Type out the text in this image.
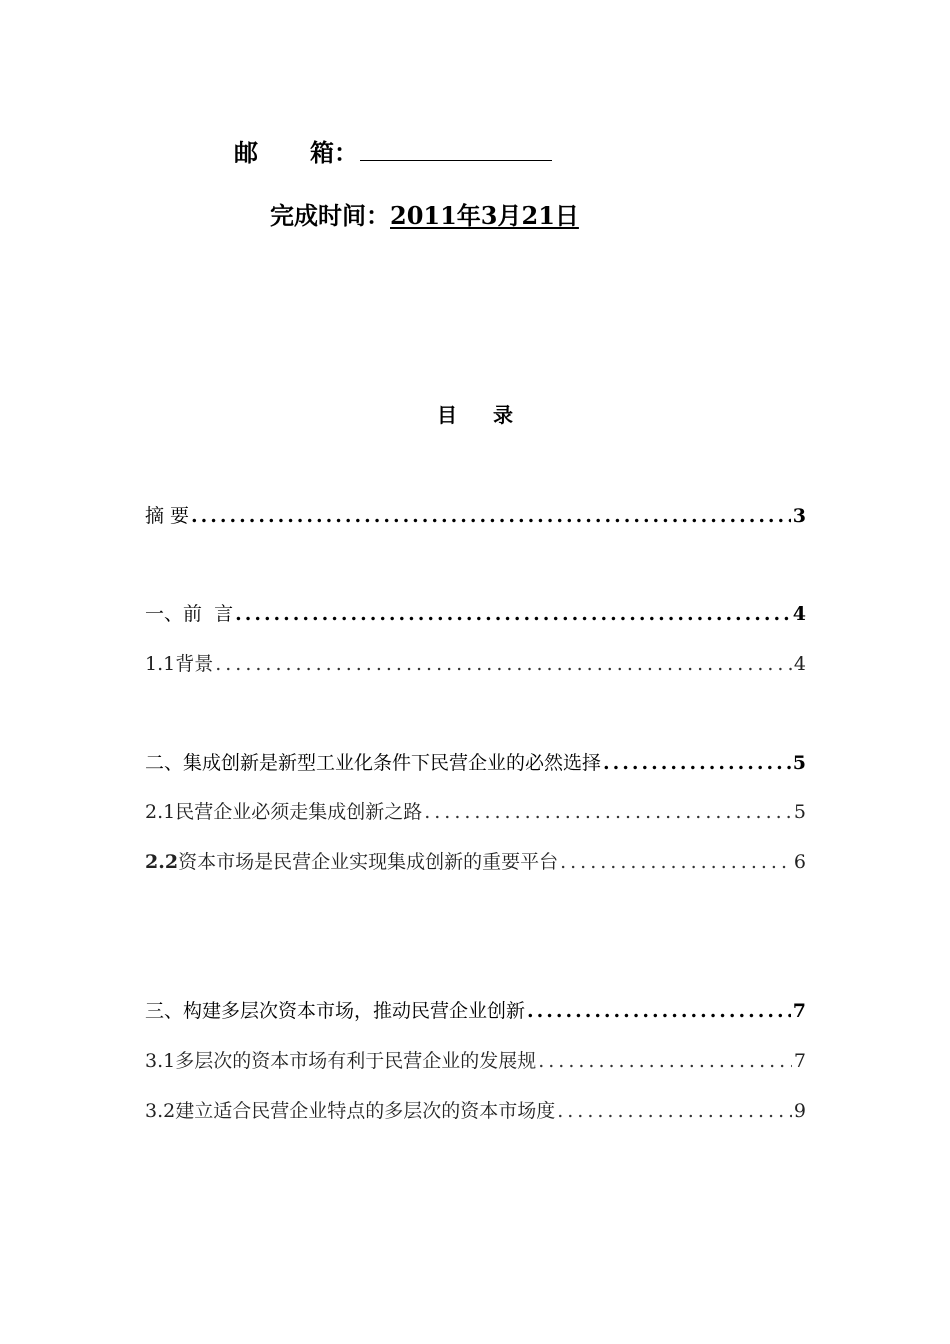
邮 箱：
完成时间：2011年3月21日
目 录
摘 要 .....	3
一、前  言 .....	4
1.1背景 .....	4
二、集成创新是新型工业化条件下民营企业的必然选择 .....	5
2.1民营企业必须走集成创新之路 .....	5
2.2资本市场是民营企业实现集成创新的重要平台 .....	6
三、构建多层次资本市场，推动民营企业创新 .....	7
3.1多层次的资本市场有利于民营企业的发展规 .....	7
3.2建立适合民营企业特点的多层次的资本市场度 .....	9
